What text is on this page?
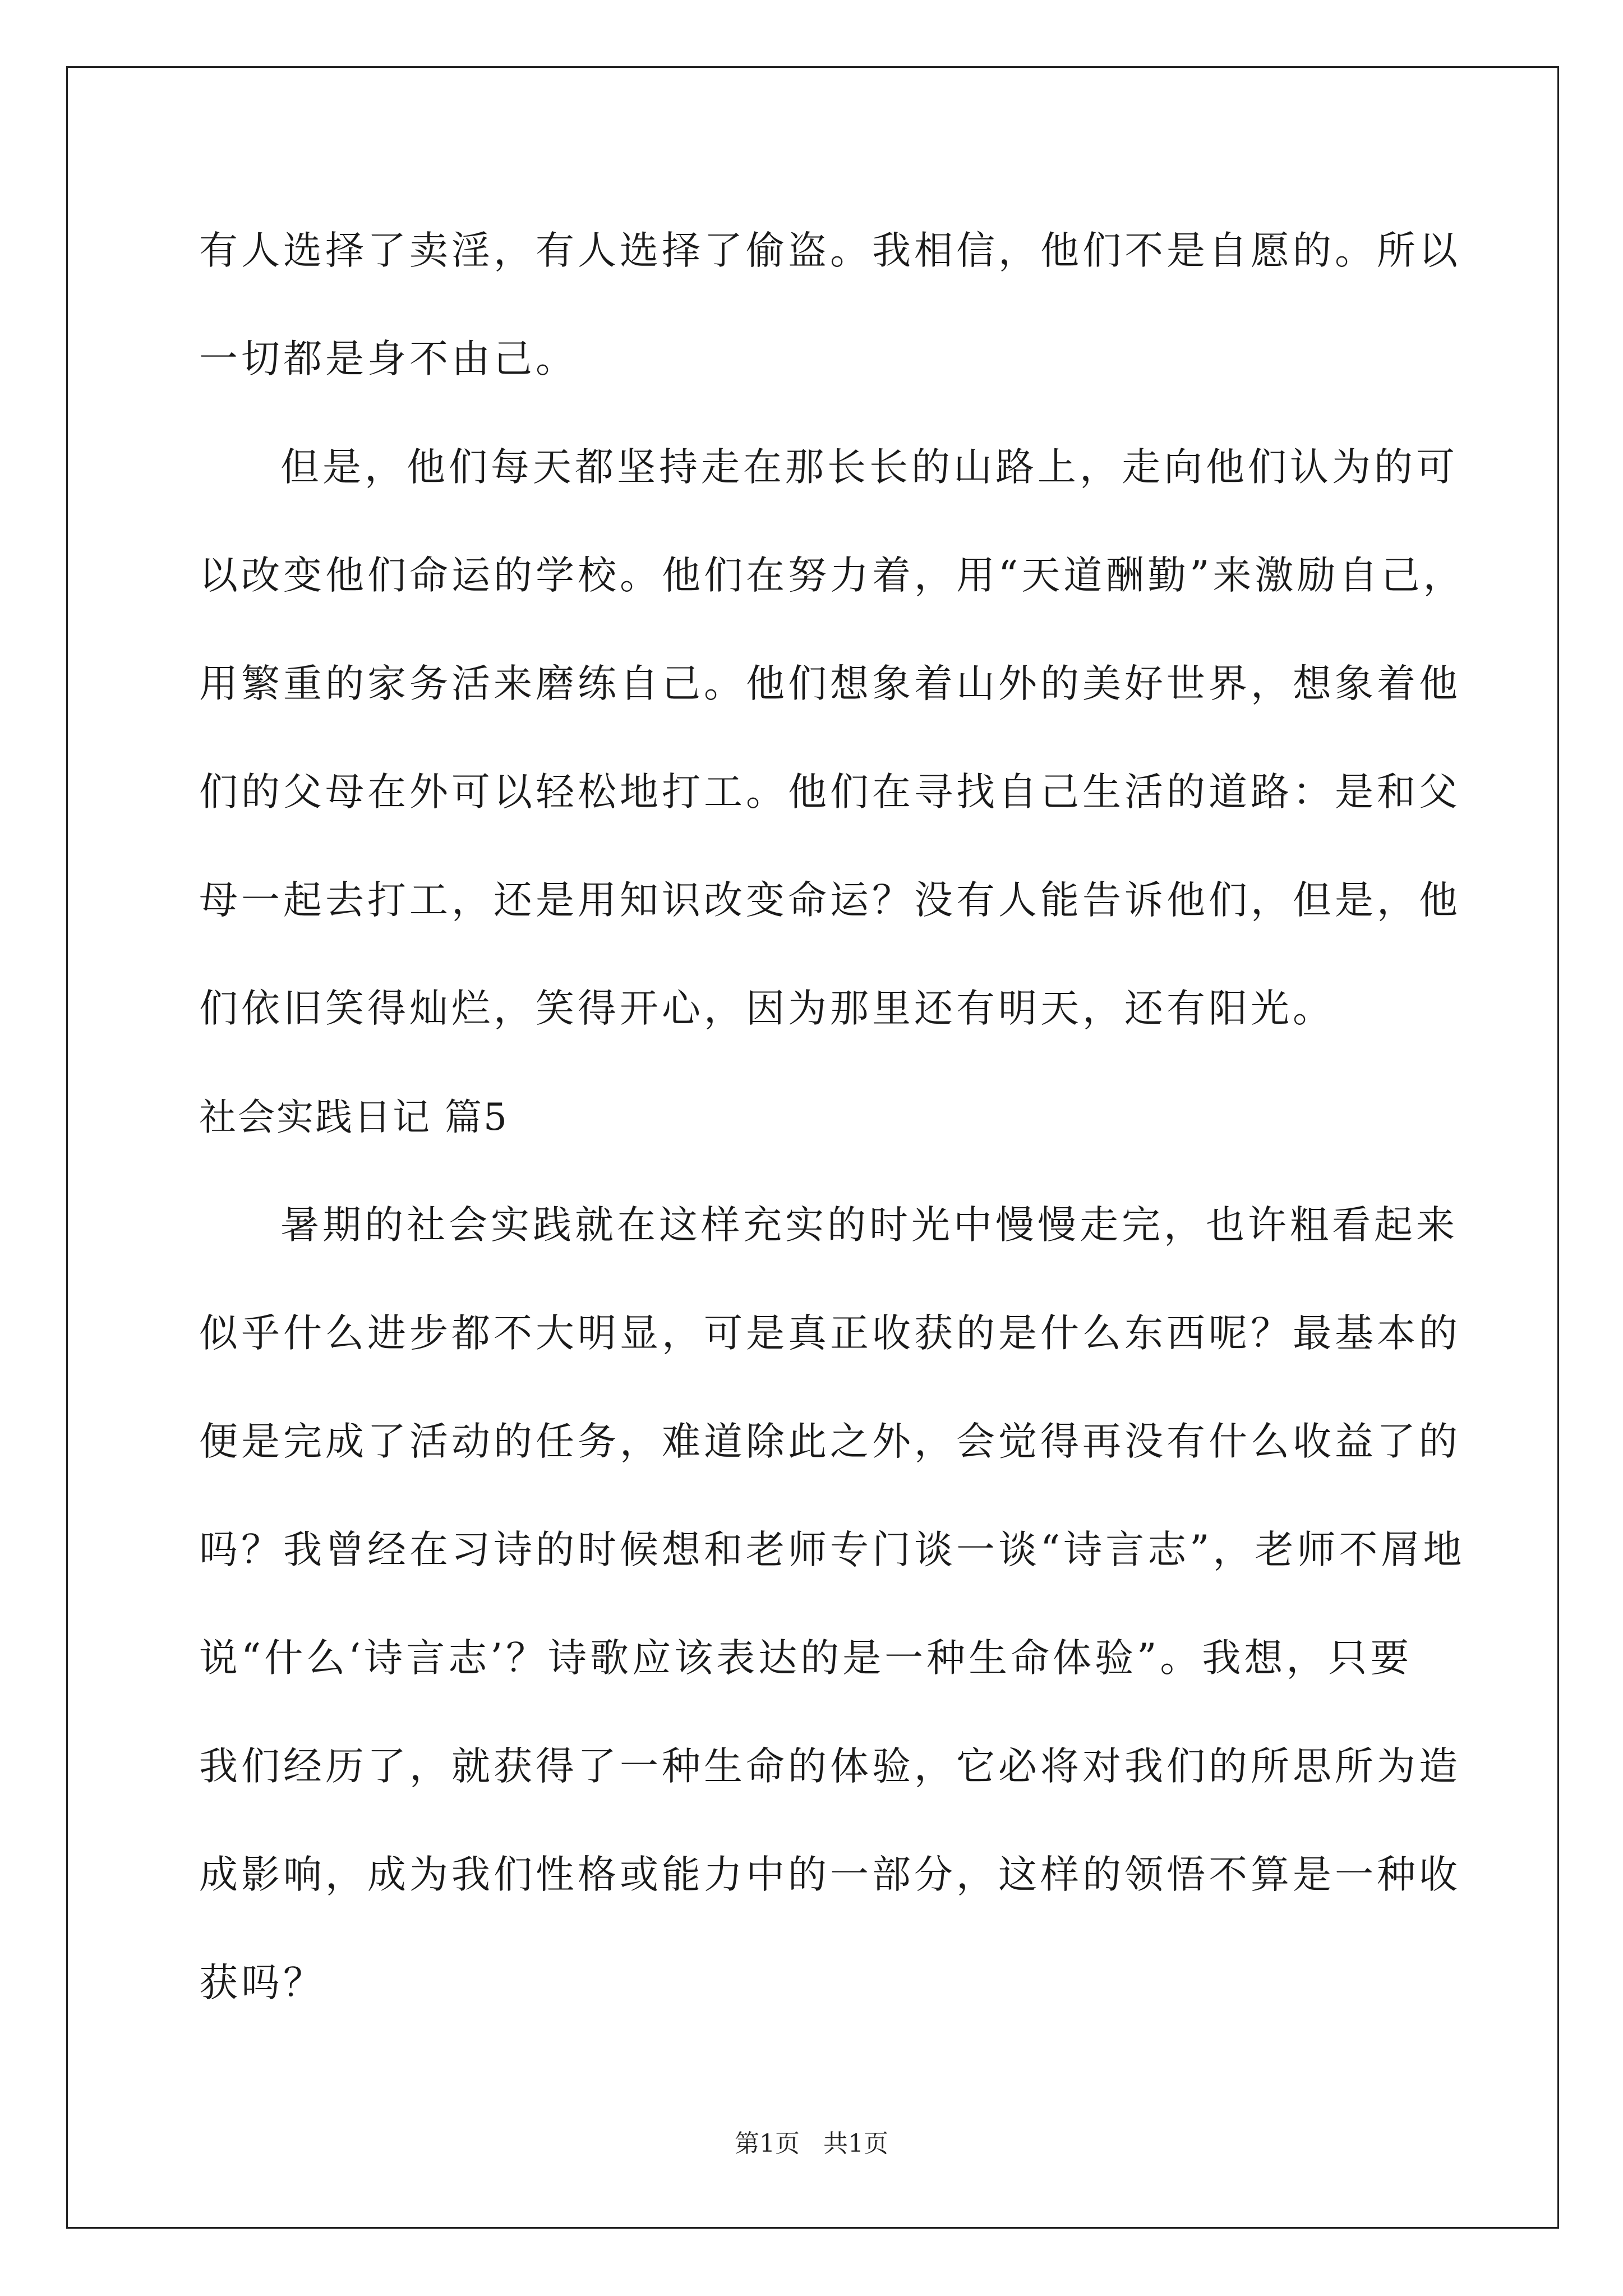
有人选择了卖淫，有人选择了偷盗。我相信，他们不是自愿的。所以
一切都是身不由己。
但是，他们每天都坚持走在那长长的山路上，走向他们认为的可
以改变他们命运的学校。他们在努力着，用“天道酬勤”来激励自己，
用繁重的家务活来磨练自己。他们想象着山外的美好世界，想象着他
们的父母在外可以轻松地打工。他们在寻找自己生活的道路：是和父
母一起去打工，还是用知识改变命运？没有人能告诉他们，但是，他
们依旧笑得灿烂，笑得开心，因为那里还有明天，还有阳光。
社会实践日记 篇5
暑期的社会实践就在这样充实的时光中慢慢走完，也许粗看起来
似乎什么进步都不大明显，可是真正收获的是什么东西呢？最基本的
便是完成了活动的任务，难道除此之外，会觉得再没有什么收益了的
吗？我曾经在习诗的时候想和老师专门谈一谈“诗言志”，老师不屑地
说“什么‘诗言志’？诗歌应该表达的是一种生命体验”。我想，只要
我们经历了，就获得了一种生命的体验，它必将对我们的所思所为造
成影响，成为我们性格或能力中的一部分，这样的领悟不算是一种收
获吗？
第1页   共1页
